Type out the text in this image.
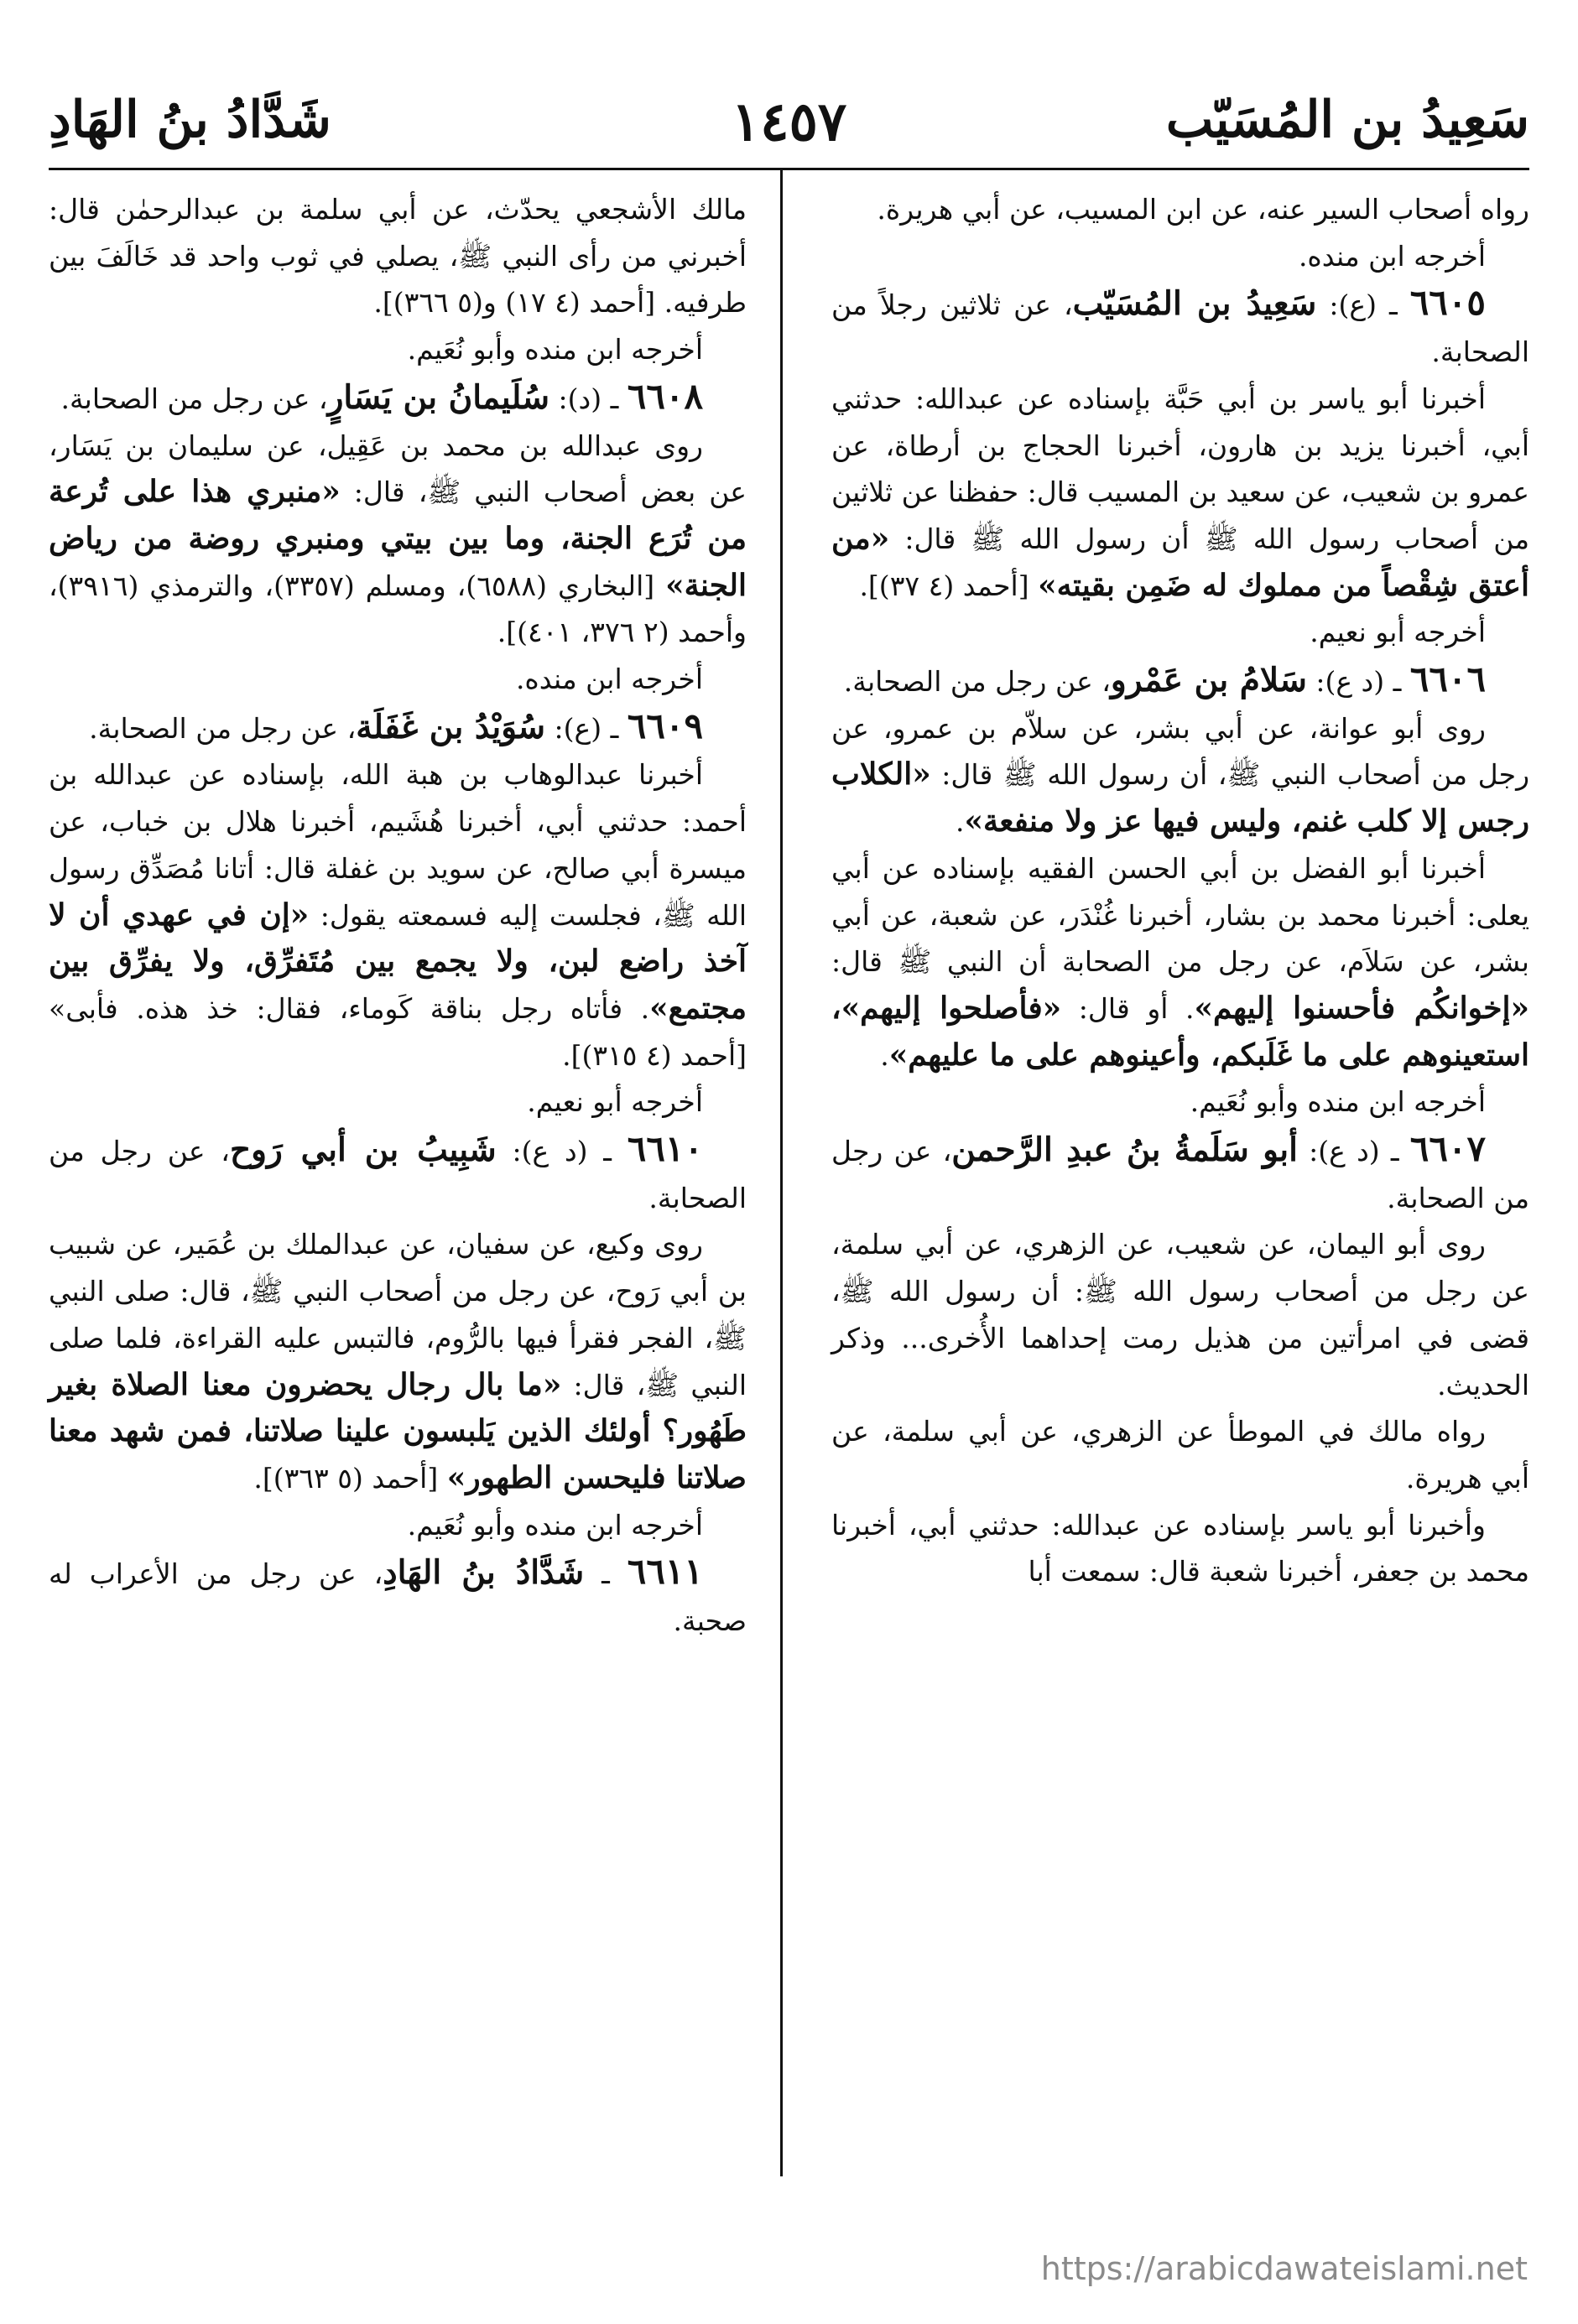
سَعِيدُ بن المُسَيّب
١٤٥٧
شَدَّادُ بنُ الهَادِ

رواه أصحاب السير عنه، عن ابن المسيب، عن أبي هريرة.

أخرجه ابن منده.

٦٦٠٥ ـ (ع): سَعِيدُ بن المُسَيّب، عن ثلاثين رجلاً من الصحابة.

أخبرنا أبو ياسر بن أبي حَبَّة بإسناده عن عبدالله: حدثني أبي، أخبرنا يزيد بن هارون، أخبرنا الحجاج بن أرطاة، عن عمرو بن شعيب، عن سعيد بن المسيب قال: حفظنا عن ثلاثين من أصحاب رسول الله ﷺ أن رسول الله ﷺ قال: «من أعتق شِقْصاً من مملوك له ضَمِن بقيته» [أحمد (٤ ٣٧)].

أخرجه أبو نعيم.

٦٦٠٦ ـ (د ع): سَلامُ بن عَمْرو، عن رجل من الصحابة.

روى أبو عوانة، عن أبي بشر، عن سلاّم بن عمرو، عن رجل من أصحاب النبي ﷺ، أن رسول الله ﷺ قال: «الكلاب رجس إلا كلب غنم، وليس فيها عز ولا منفعة».

أخبرنا أبو الفضل بن أبي الحسن الفقيه بإسناده عن أبي يعلى: أخبرنا محمد بن بشار، أخبرنا غُنْدَر، عن شعبة، عن أبي بشر، عن سَلاَم، عن رجل من الصحابة أن النبي ﷺ قال: «إخوانكُم فأحسنوا إليهم». أو قال: «فأصلحوا إليهم»، استعينوهم على ما غَلَبكم، وأعينوهم على ما عليهم».

أخرجه ابن منده وأبو نُعَيم.

٦٦٠٧ ـ (د ع): أبو سَلَمةُ بنُ عبدِ الرَّحمن، عن رجل من الصحابة.

روى أبو اليمان، عن شعيب، عن الزهري، عن أبي سلمة، عن رجل من أصحاب رسول الله ﷺ: أن رسول الله ﷺ، قضى في امرأتين من هذيل رمت إحداهما الأُخرى... وذكر الحديث.

رواه مالك في الموطأ عن الزهري، عن أبي سلمة، عن أبي هريرة.

وأخبرنا أبو ياسر بإسناده عن عبدالله: حدثني أبي، أخبرنا محمد بن جعفر، أخبرنا شعبة قال: سمعت أبا

مالك الأشجعي يحدّث، عن أبي سلمة بن عبدالرحمٰن قال: أخبرني من رأى النبي ﷺ، يصلي في ثوب واحد قد خَالَفَ بين طرفيه. [أحمد (٤ ١٧) و(٥ ٣٦٦)].

أخرجه ابن منده وأبو نُعَيم.

٦٦٠٨ ـ (د): سُلَيمانُ بن يَسَارٍ، عن رجل من الصحابة.

روى عبدالله بن محمد بن عَقِيل، عن سليمان بن يَسَار، عن بعض أصحاب النبي ﷺ، قال: «منبري هذا على تُرعة من تُرَع الجنة، وما بين بيتي ومنبري روضة من رياض الجنة» [البخاري (٦٥٨٨)، ومسلم (٣٣٥٧)، والترمذي (٣٩١٦)، وأحمد (٢ ٣٧٦، ٤٠١)].

أخرجه ابن منده.

٦٦٠٩ ـ (ع): سُوَيْدُ بن غَفَلَة، عن رجل من الصحابة.

أخبرنا عبدالوهاب بن هبة الله، بإسناده عن عبدالله بن أحمد: حدثني أبي، أخبرنا هُشَيم، أخبرنا هلال بن خباب، عن ميسرة أبي صالح، عن سويد بن غفلة قال: أتانا مُصَدِّق رسول الله ﷺ، فجلست إليه فسمعته يقول: «إن في عهدي أن لا آخذ راضع لبن، ولا يجمع بين مُتَفرِّق، ولا يفرِّق بين مجتمع». فأتاه رجل بناقة كَوماء، فقال: خذ هذه. فأبى» [أحمد (٤ ٣١٥)].

أخرجه أبو نعيم.

٦٦١٠ ـ (د ع): شَبِيبُ بن أبي رَوح، عن رجل من الصحابة.

روى وكيع، عن سفيان، عن عبدالملك بن عُمَير، عن شبيب بن أبي رَوح، عن رجل من أصحاب النبي ﷺ، قال: صلى النبي ﷺ، الفجر فقرأ فيها بالرُّوم، فالتبس عليه القراءة، فلما صلى النبي ﷺ، قال: «ما بال رجال يحضرون معنا الصلاة بغير طَهُور؟ أولئك الذين يَلبسون علينا صلاتنا، فمن شهد معنا صلاتنا فليحسن الطهور» [أحمد (٥ ٣٦٣)].

أخرجه ابن منده وأبو نُعَيم.

٦٦١١ ـ شَدَّادُ بنُ الهَادِ، عن رجل من الأعراب له صحبة.

https://arabicdawateislami.net
